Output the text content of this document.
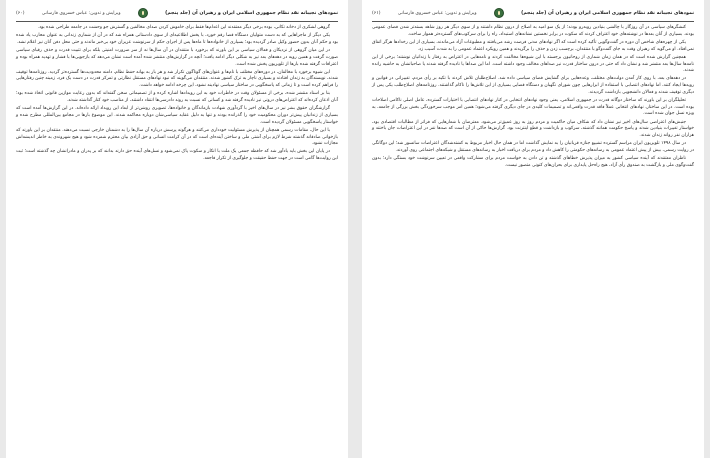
نمودهای نجیبانه نقد نظام جمهوری اسلامی ایران و رهبران آن (جلد پنجم)
ویرایش و تدوین: عباس خسروی فارسانی
(۶۰)

گروهی لشکری از دخانه تکانی، بوده برخی دیگر معتقدند این اعدام‌ها فقط برای خاموش کردن صدای مخالفین و گسترش جو وحشت در جامعه طراحی شده بود.

یکی دیگر از ماجراهایی که به دست متولیان دستگاه قضا رقم خورد، با پخش اطلاعیه‌ای از سوی دادستانی همراه شد که در آن از شماری زندانی به عنوان محارب یاد شده بود و حکم آنان بدون حضور وکیل صادر گردیده بود؛ بسیاری از خانواده‌ها تا ماه‌ها پس از اجرای حکم از سرنوشت عزیزان خود بی‌خبر ماندند و حتی محل دفن آنان نیز اعلام نشد.

در این میان گروهی از نزدیکان و فعالان سیاسی بر این باورند که برخورد با منتقدان در آن سال‌ها نه از سر ضرورت امنیتی بلکه برای تثبیت قدرت و حذف رقبای سیاسی صورت گرفت و همین رویه در دهه‌های بعد نیز به شکلی دیگر ادامه یافت؛ آنچه در گزارش‌های منتشر شده آمده است نشان می‌دهد که بازجویی‌ها با فشار و تهدید همراه بوده و اعترافات گرفته شده بارها از تلویزیون پخش شده است.

این شیوه برخورد با مخالفان، در دوره‌های مختلف با نام‌ها و عنوان‌های گوناگون تکرار شد و هر بار به بهانه حفظ نظام، دامنه محدودیت‌ها گسترده‌تر گردید. روزنامه‌ها توقیف شدند، نویسندگان به زندان افتادند و بسیاری ناچار به ترک کشور شدند. منتقدان می‌گویند که نبود نهادهای مستقل نظارتی و تمرکز قدرت در دست یک فرد، زمینه چنین رفتارهایی را فراهم کرده است و تا زمانی که پاسخگویی در ساختار سیاسی نهادینه نشود، این چرخه ادامه خواهد داشت.

بنا بر اسناد منتشر شده، برخی از مسئولان وقت در خاطرات خود به این رویدادها اشاره کرده و از تصمیماتی سخن گفته‌اند که بدون رعایت موازین قانونی اتخاذ شده بود؛ آنان اذعان کرده‌اند که اعتراض‌های درونی نیز نادیده گرفته شد و کسانی که نسبت به روند دادرسی‌ها انتقاد داشتند، از مناصب خود کنار گذاشته شدند.

گزارشگران حقوق بشر نیز در سال‌های اخیر با گردآوری شهادت بازماندگان و خانواده‌ها، تصویری روشن‌تر از ابعاد این رویداد ارائه داده‌اند. در این گزارش‌ها آمده است که بسیاری از زندانیان پیش‌تر دوران محکومیت خود را گذرانده بودند و تنها به دلیل عقاید سیاسی‌شان دوباره محاکمه شدند. این موضوع بارها در مجامع بین‌المللی مطرح شده و خواستار پاسخگویی مسئولان گردیده است.

با این حال، مقامات رسمی همچنان از پذیرش مسئولیت خودداری می‌کنند و هرگونه پرسش درباره آن سال‌ها را به دشمنان خارجی نسبت می‌دهند. منتقدان بر این باورند که بازخوانی صادقانه گذشته شرط لازم برای آشتی ملی و ساختن آینده‌ای است که در آن کرامت انسانی و حق آزادی بیان محترم شمرده شود و هیچ شهروندی به خاطر اندیشه‌اش مجازات نشود.

در پایان این بخش باید یادآور شد که حافظه جمعی یک ملت با انکار و سکوت پاک نمی‌شود و نسل‌های آینده حق دارند بدانند که بر پدران و مادرانشان چه گذشته است؛ ثبت این روایت‌ها گامی است در جهت حفظ حقیقت و جلوگیری از تکرار فاجعه.

نمودهای نجیبانه نقد نظام جمهوری اسلامی ایران و رهبران آن (جلد پنجم)
ویرایش و تدوین: عباس خسروی فارسانی
(۶۱)

کنشگرهای سیاسی در آن روزگار با چالشی بنیادین روبه‌رو بودند؛ از یک سو امید به اصلاح از درون نظام داشتند و از سوی دیگر هر روز شاهد بسته‌تر شدن فضای عمومی بودند. بسیاری از آنان بعدها در نوشته‌های خود اعتراف کردند که سکوت در برابر نخستین نشانه‌های استبداد، راه را برای سرکوب‌های گسترده‌تر هموار ساخت.

یکی از چهره‌های شاخص آن دوره در گفت‌وگویی تأکید کرده است که اگر نهادهای مدنی فرصت رشد می‌یافتند و مطبوعات آزاد می‌ماندند، بسیاری از این رخدادها هرگز اتفاق نمی‌افتاد. او می‌گوید که رهبران وقت به جای گفت‌وگو با منتقدان، برچسب زدن و حذف را برگزیدند و همین رویکرد اعتماد عمومی را به شدت آسیب زد.

همچنین گزارش شده است که در همان زمان شماری از روحانیون برجسته با این شیوه‌ها مخالفت کردند و نامه‌هایی در اعتراض به رفتار با زندانیان نوشتند؛ برخی از این نامه‌ها سال‌ها بعد منتشر شد و نشان داد که حتی در درون ساختار قدرت نیز صداهای مخالف وجود داشته است. اما این صداها یا نادیده گرفته شدند یا صاحبانشان به حاشیه رانده شدند.

در دهه‌های بعد، با روی کار آمدن دولت‌های مختلف، وعده‌هایی برای گشایش فضای سیاسی داده شد. اصلاح‌طلبان تلاش کردند با تکیه بر رأی مردم، تغییراتی در قوانین و رویه‌ها ایجاد کنند، اما نهادهای انتصابی با استفاده از ابزارهایی چون شورای نگهبان و دستگاه قضایی بسیاری از این تلاش‌ها را ناکام گذاشتند. روزنامه‌های اصلاح‌طلب یکی پس از دیگری توقیف شدند و فعالان دانشجویی بازداشت گردیدند.

تحلیلگران بر این باورند که ساختار دوگانه قدرت در جمهوری اسلامی، یعنی وجود نهادهای انتخابی در کنار نهادهای انتصابی با اختیارات گسترده، عامل اصلی ناکامی اصلاحات بوده است. در این ساختار، نهادهای انتخابی عملاً فاقد قدرت واقعی‌اند و تصمیمات کلیدی در جای دیگری گرفته می‌شود؛ همین امر موجب سرخوردگی بخش بزرگی از جامعه، به ویژه نسل جوان شده است.

جنبش‌های اعتراضی سال‌های اخیر نیز نشان داد که شکاف میان حاکمیت و مردم روز به روز عمیق‌تر می‌شود. معترضان با شعارهایی که فراتر از مطالبات اقتصادی بود، خواستار تغییرات بنیادین شدند و پاسخ حکومت همانند گذشته، سرکوب و بازداشت و قطع اینترنت بود. گزارش‌ها حاکی از آن است که صدها نفر در این اعتراضات جان باختند و هزاران نفر روانه زندان شدند.

در سال ۱۳۹۸ تلویزیون ایران مراسم گسترده تشییع جنازه قربانیان را به نمایش گذاشت اما در همان حال اخبار مربوط به کشته‌شدگان اعتراضات سانسور شد؛ این دوگانگی در روایت رسمی، بیش از پیش اعتماد عمومی به رسانه‌های حکومتی را کاهش داد و مردم برای دریافت اخبار به رسانه‌های مستقل و شبکه‌های اجتماعی روی آوردند.

ناظران معتقدند که آینده سیاسی کشور به میزان پذیرش خطاهای گذشته و تن دادن به خواست مردم برای مشارکت واقعی در تعیین سرنوشت خود بستگی دارد؛ بدون گفت‌وگوی ملی و بازگشت به صندوق رأی آزاد، هیچ راه‌حل پایداری برای بحران‌های کنونی متصور نیست.
